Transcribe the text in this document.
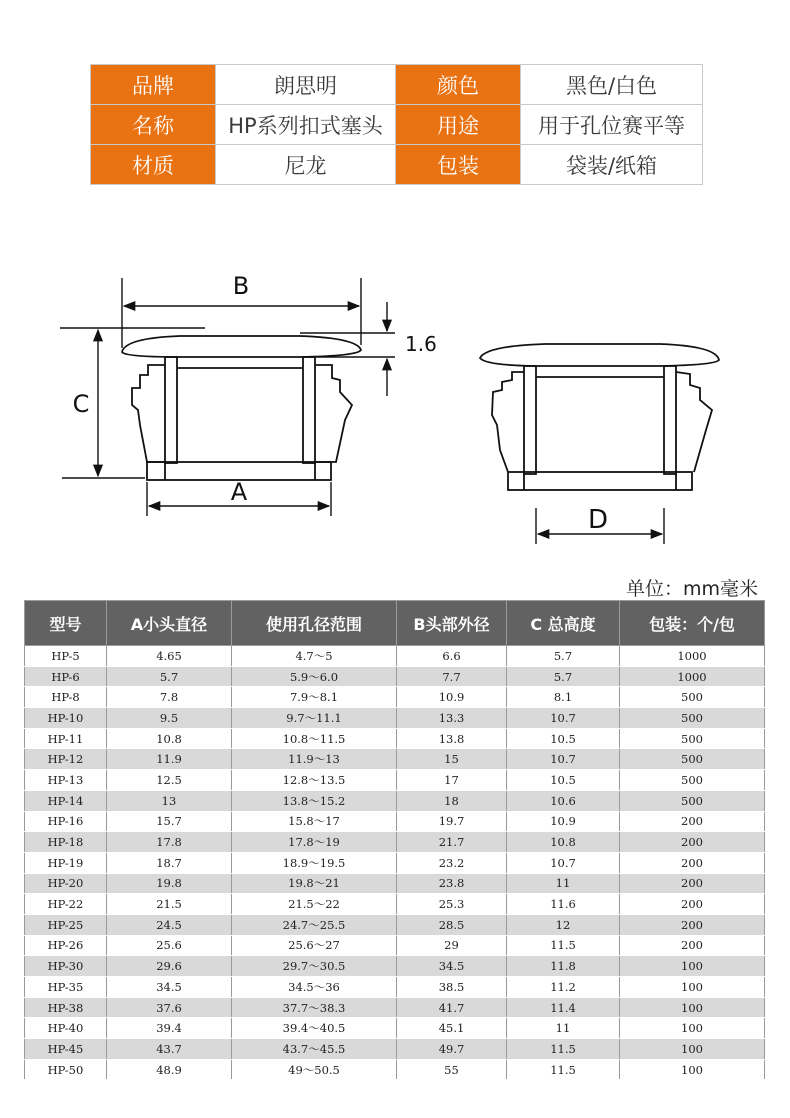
品牌	朗思明	颜色	黑色/白色
名称	HP系列扣式塞头	用途	用于孔位赛平等
材质	尼龙	包装	袋装/纸箱
B
1.6
C
A
D
单位：mm毫米
型号	A小头直径	使用孔径范围	B头部外径	C 总高度	包装：个/包
HP-5	4.65	4.7～5	6.6	5.7	1000
HP-6	5.7	5.9～6.0	7.7	5.7	1000
HP-8	7.8	7.9～8.1	10.9	8.1	500
HP-10	9.5	9.7～11.1	13.3	10.7	500
HP-11	10.8	10.8～11.5	13.8	10.5	500
HP-12	11.9	11.9～13	15	10.7	500
HP-13	12.5	12.8～13.5	17	10.5	500
HP-14	13	13.8～15.2	18	10.6	500
HP-16	15.7	15.8～17	19.7	10.9	200
HP-18	17.8	17.8～19	21.7	10.8	200
HP-19	18.7	18.9～19.5	23.2	10.7	200
HP-20	19.8	19.8～21	23.8	11	200
HP-22	21.5	21.5～22	25.3	11.6	200
HP-25	24.5	24.7～25.5	28.5	12	200
HP-26	25.6	25.6～27	29	11.5	200
HP-30	29.6	29.7～30.5	34.5	11.8	100
HP-35	34.5	34.5～36	38.5	11.2	100
HP-38	37.6	37.7～38.3	41.7	11.4	100
HP-40	39.4	39.4～40.5	45.1	11	100
HP-45	43.7	43.7～45.5	49.7	11.5	100
HP-50	48.9	49～50.5	55	11.5	100
